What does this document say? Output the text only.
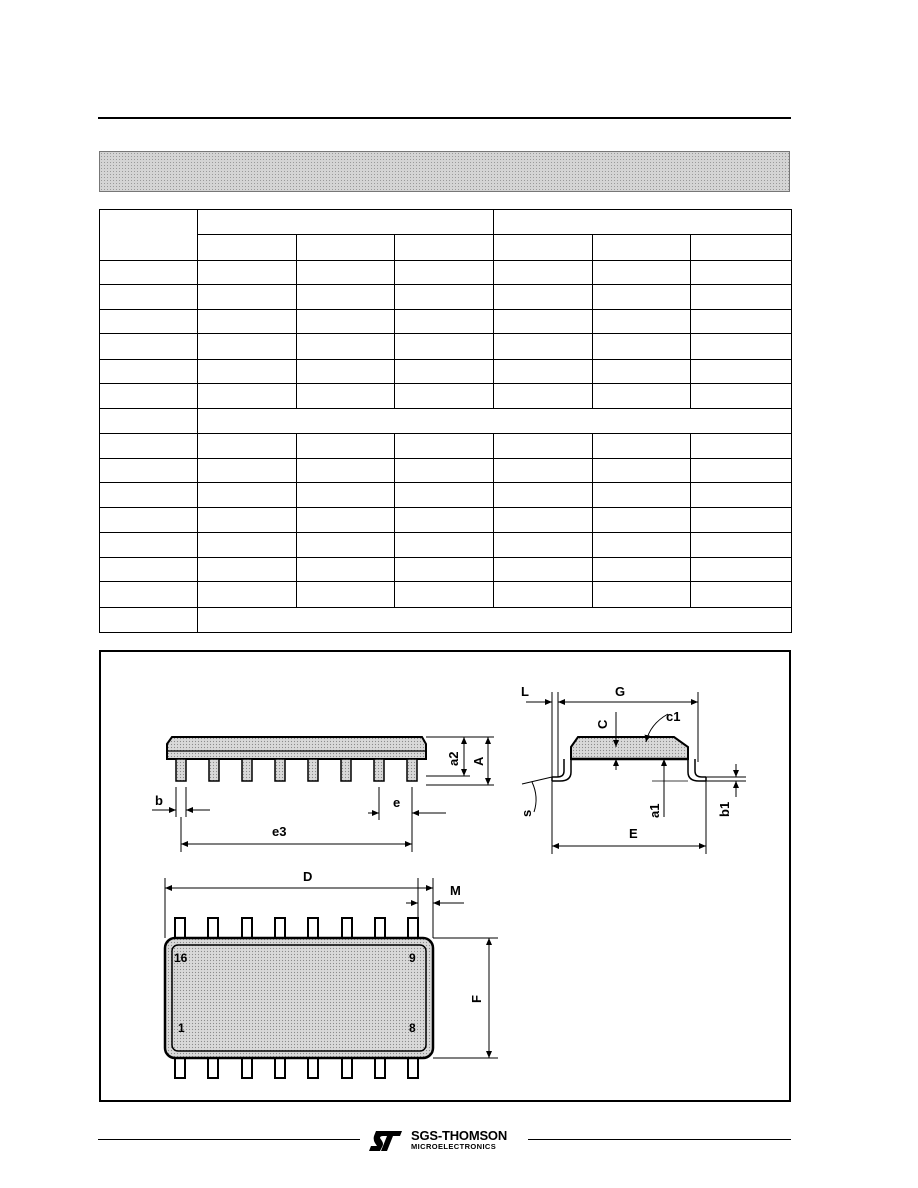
b	e
e3
a2 A
L	G
C
c1
a1
s
E
b1
16	9
1	8
D
M
F
SGS-THOMSON
MICROELECTRONICS
